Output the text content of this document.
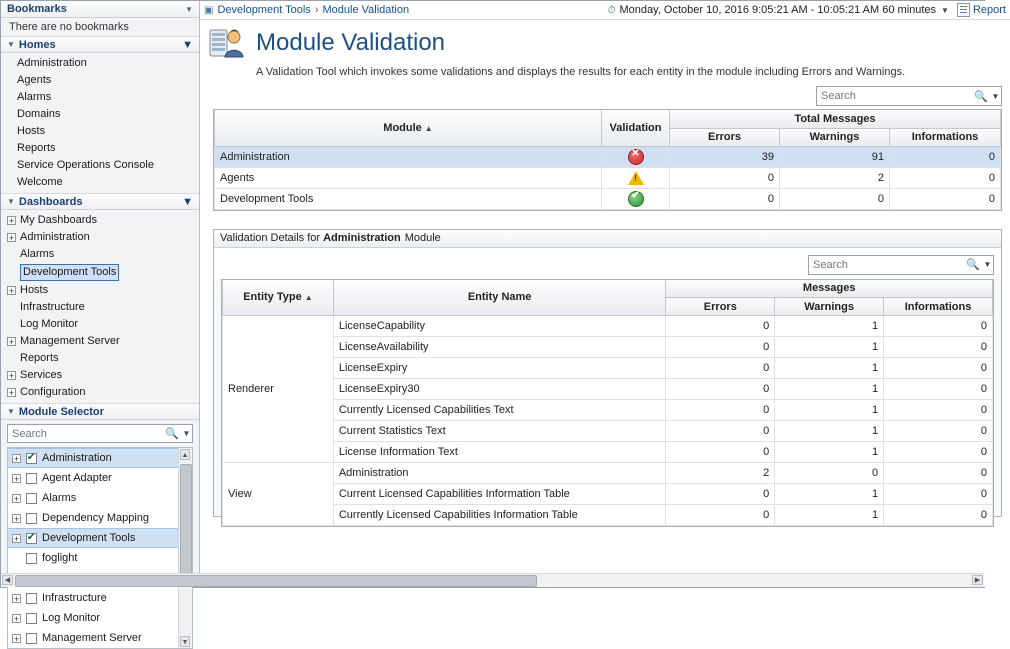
Bookmarks	▼
There are no bookmarks
▼ Homes	▼
Administration
Agents
Alarms
Domains
Hosts
Reports
Service Operations Console
Welcome
▼ Dashboards	▼
+ My Dashboards
+ Administration
Alarms
Development Tools
+ Hosts
Infrastructure
Log Monitor
+ Management Server
Reports
+ Services
+ Configuration
▼ Module Selector
Search
🔍 ▼
+ ✔ Administration
+ Agent Adapter
+ Alarms
+ Dependency Mapping
+ ✔ Development Tools
foglight
+ Infrastructure
+ Log Monitor
+ Management Server
▲
▼
▣ Development Tools › Module Validation	⏱ Monday, October 10, 2016 9:05:21 AM - 10:05:21 AM 60 minutes ▼ Report
Module Validation
A Validation Tool which invokes some validations and displays the results for each entity in the module including Errors and Warnings.
Search
🔍 ▼
Module ▲	Validation	Total Messages		
		Errors	Warnings	Informations
Administration	✕	39	91	0
Agents	!	0	2	0
Development Tools	✔	0	0	0
Validation Details for Administration Module
Search
🔍 ▼
Entity Type ▲	Entity Name	Messages		
		Errors	Warnings	Informations
Renderer	LicenseCapability	0	1	0
	LicenseAvailability	0	1	0
	LicenseExpiry	0	1	0
	LicenseExpiry30	0	1	0
	Currently Licensed Capabilities Text	0	1	0
	Current Statistics Text	0	1	0
	License Information Text	0	1	0
View	Administration	2	0	0
	Current Licensed Capabilities Information Table	0	1	0
	Currently Licensed Capabilities Information Table	0	1	0
◀	▶
